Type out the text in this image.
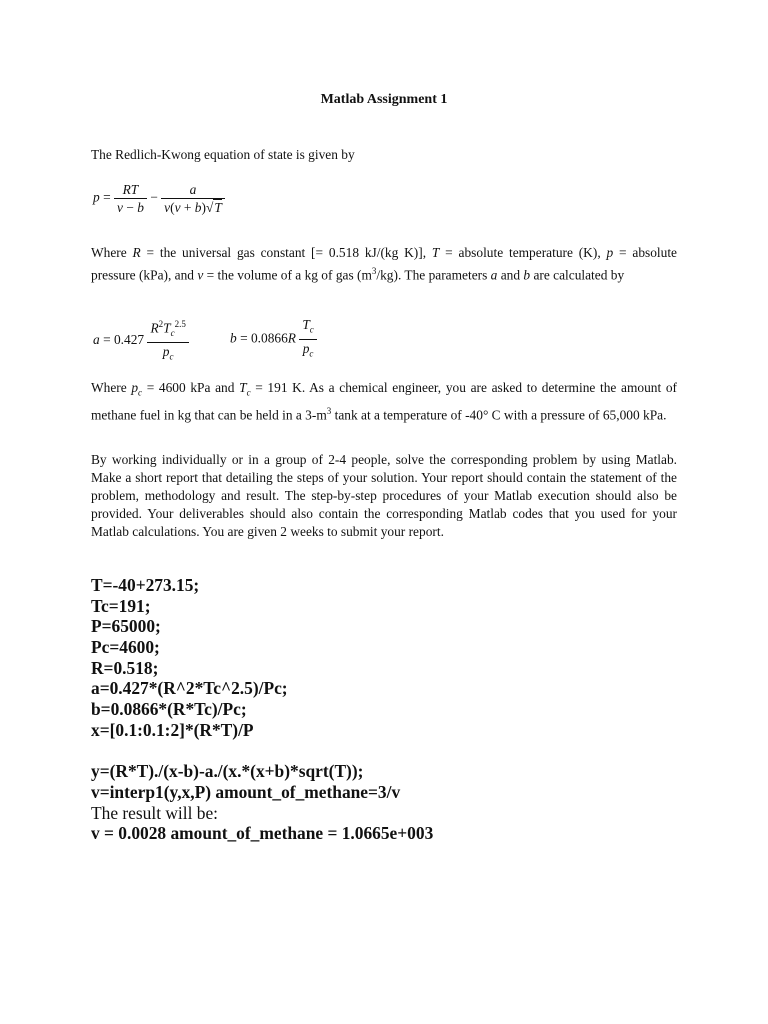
Matlab Assignment 1
The Redlich-Kwong equation of state is given by
$p = \frac{RT}{v - b} - \frac{a}{v(v + b)√T}$
Where R = the universal gas constant [= 0.518 kJ/(kg K)], T = absolute temperature (K), p = absolute pressure (kPa), and v = the volume of a kg of gas $(m^3/kg)$. The parameters a and b are calculated by
$a = 0.427 \frac{R^2T_c^{2.5}}{p_c}$	$b = 0.0866R \frac{T_c}{p_c}$
Where $p_c = 4600$ kPa and $T_c = 191$ K. As a chemical engineer, you are asked to determine the amount of methane fuel in kg that can be held in a $3-m^3$ tank at a temperature of -40° C with a pressure of 65,000 kPa.
By working individually or in a group of 2-4 people, solve the corresponding problem by using Matlab. Make a short report that detailing the steps of your solution. Your report should contain the statement of the problem, methodology and result. The step-by-step procedures of your Matlab execution should also be provided. Your deliverables should also contain the corresponding Matlab codes that you used for your Matlab calculations. You are given 2 weeks to submit your report.
T=-40+273.15;
Tc=191;
P=65000;
Pc=4600;
R=0.518;
a=0.427*(R^2*Tc^2.5)/Pc;
b=0.0866*(R*Tc)/Pc;
x=[0.1:0.1:2]*(R*T)/P
y=(R*T)./(x-b)-a./(x.*(x+b)*sqrt(T));
v=interp1(y,x,P) amount_of_methane=3/v
The result will be:
v = 0.0028 amount_of_methane = 1.0665e+003
